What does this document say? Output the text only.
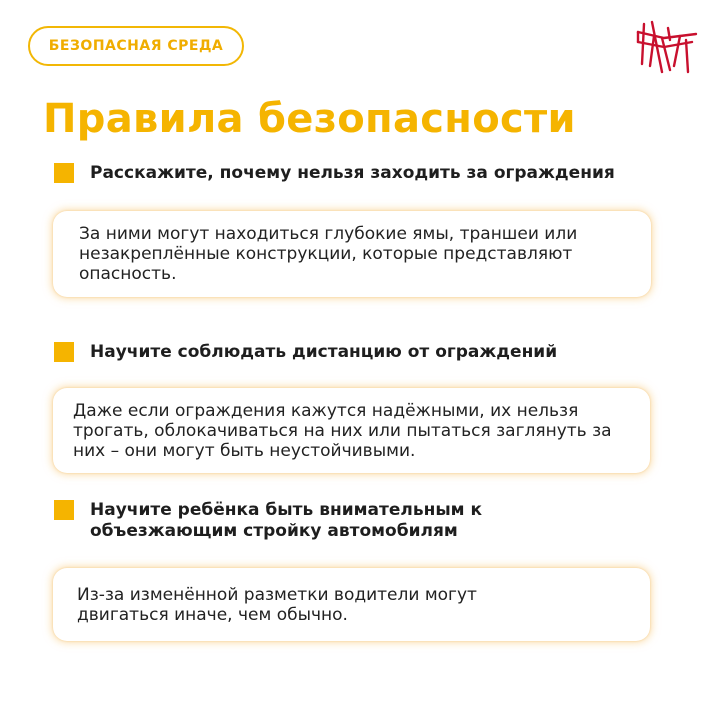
БЕЗОПАСНАЯ СРЕДА
Правила безопасности
Расскажите, почему нельзя заходить за ограждения
За ними могут находиться глубокие ямы, траншеи или незакреплённые конструкции, которые представляют опасность.
Научите соблюдать дистанцию от ограждений
Даже если ограждения кажутся надёжными, их нельзя трогать, облокачиваться на них или пытаться заглянуть за них – они могут быть неустойчивыми.
Научите ребёнка быть внимательным к объезжающим стройку автомобилям
Из-за изменённой разметки водители могут двигаться иначе, чем обычно.
